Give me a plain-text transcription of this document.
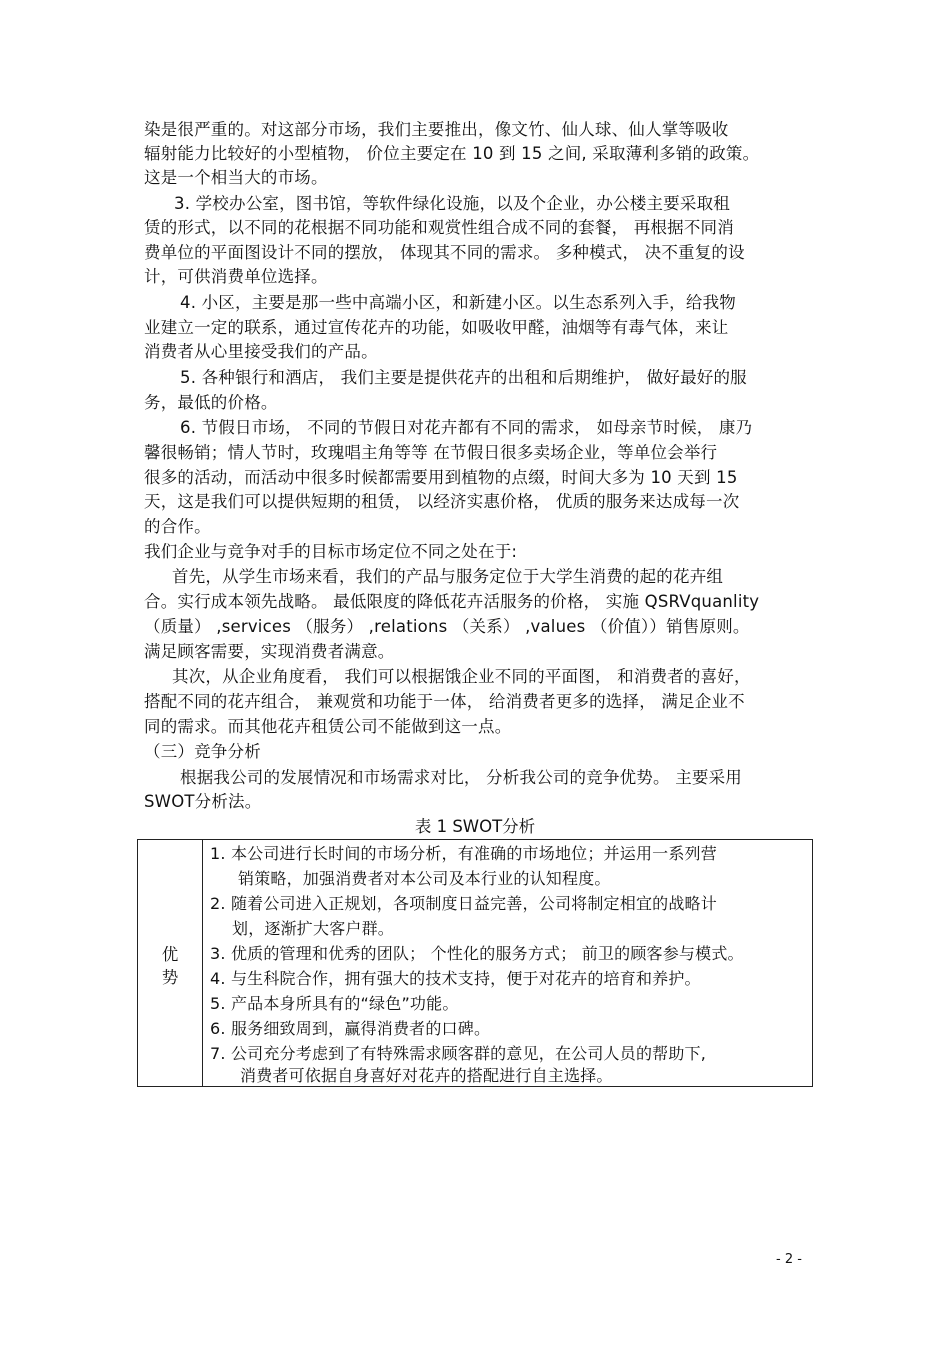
染是很严重的。对这部分市场，我们主要推出，像文竹、仙人球、仙人掌等吸收
辐射能力比较好的小型植物， 价位主要定在 10 到 15 之间, 采取薄利多销的政策。
这是一个相当大的市场。
3. 学校办公室，图书馆，等软件绿化设施，以及个企业，办公楼主要采取租
赁的形式，以不同的花根据不同功能和观赏性组合成不同的套餐， 再根据不同消
费单位的平面图设计不同的摆放， 体现其不同的需求。 多种模式， 决不重复的设
计，可供消费单位选择。
4. 小区，主要是那一些中高端小区，和新建小区。以生态系列入手，给我物
业建立一定的联系，通过宣传花卉的功能，如吸收甲醛，油烟等有毒气体，来让
消费者从心里接受我们的产品。
5. 各种银行和酒店， 我们主要是提供花卉的出租和后期维护， 做好最好的服
务，最低的价格。
6. 节假日市场， 不同的节假日对花卉都有不同的需求， 如母亲节时候， 康乃
馨很畅销；情人节时，玫瑰唱主角等等 在节假日很多卖场企业，等单位会举行
很多的活动，而活动中很多时候都需要用到植物的点缀，时间大多为 10 天到 15
天，这是我们可以提供短期的租赁， 以经济实惠价格， 优质的服务来达成每一次
的合作。
我们企业与竞争对手的目标市场定位不同之处在于:
首先，从学生市场来看，我们的产品与服务定位于大学生消费的起的花卉组
合。实行成本领先战略。 最低限度的降低花卉活服务的价格， 实施 QSRVquanlity
（质量） ,services （服务） ,relations （关系） ,values （价值））销售原则。
满足顾客需要，实现消费者满意。
其次，从企业角度看， 我们可以根据饿企业不同的平面图， 和消费者的喜好，
搭配不同的花卉组合， 兼观赏和功能于一体， 给消费者更多的选择， 满足企业不
同的需求。而其他花卉租赁公司不能做到这一点。
（三）竞争分析
根据我公司的发展情况和市场需求对比， 分析我公司的竞争优势。 主要采用
SWOT分析法。
表 1 SWOT分析
优
势
1. 本公司进行长时间的市场分析，有准确的市场地位；并运用一系列营
销策略，加强消费者对本公司及本行业的认知程度。
2. 随着公司进入正规划，各项制度日益完善，公司将制定相宜的战略计
划，逐渐扩大客户群。
3. 优质的管理和优秀的团队； 个性化的服务方式； 前卫的顾客参与模式。
4. 与生科院合作，拥有强大的技术支持，便于对花卉的培育和养护。
5. 产品本身所具有的“绿色”功能。
6. 服务细致周到，赢得消费者的口碑。
7. 公司充分考虑到了有特殊需求顾客群的意见，在公司人员的帮助下,
消费者可依据自身喜好对花卉的搭配进行自主选择。
- 2 -
